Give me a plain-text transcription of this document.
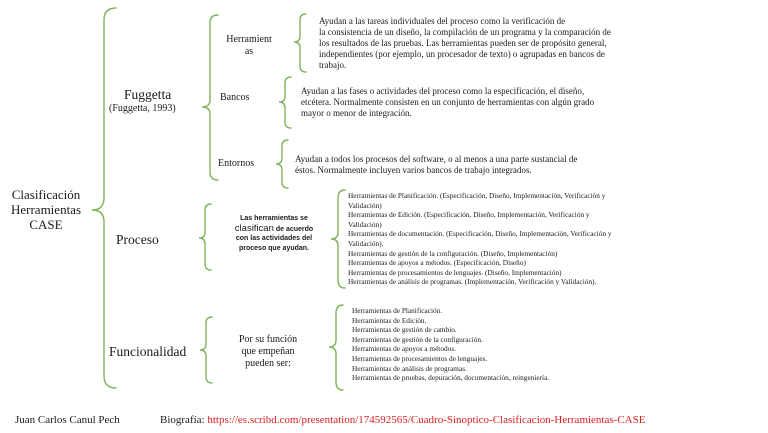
Clasificación
Herramientas
CASE
Fuggetta
(Fuggetta, 1993)
Herramient
as
Ayudan a las tareas individuales del proceso como la verificación de
la consistencia de un diseño, la compilación de un programa y la comparación de
los resultados de las pruebas. Las herramientas pueden ser de propósito general,
independientes (por ejemplo, un procesador de texto) o agrupadas en bancos de
trabajo.
Bancos
Ayudan a las fases o actividades del proceso como la especificación, el diseño,
etcétera. Normalmente consisten en un conjunto de herramientas con algún grado
mayor o menor de integración.
Entornos	Ayudan a todos los procesos del software, o al menos a una parte sustancial de
éstos. Normalmente incluyen varios bancos de trabajo integrados.
Proceso
Las herramientas se
clasifican de acuerdo
con las actividades del
proceso que ayudan.
Herramientas de Planificación. (Especificación, Diseño, Implementación, Verificación y
Validación)
Herramientas de Edición. (Especificación, Diseño, Implementación, Verificación y
Validación)
Herramientas de documentación. (Especificación, Diseño, Implementación, Verificación y
Validación).
Herramientas de gestión de la configuración. (Diseño, Implementación)
Herramientas de apoyos a métodos. (Especificación, Diseño)
Herramientas de procesamientos de lenguajes. (Diseño, Implementación)
Herramientas de análisis de programas. (Implementación, Verificación y Validación).
Funcionalidad
Por su función
que empeñan
pueden ser:
Herramientas de Planificación.
Herramientas de Edición.
Herramientas de gestión de cambio.
Herramientas de gestión de la configuración.
Herramientas de apoyos a métodos.
Herramientas de procesamientos de lenguajes.
Herramientas de análisis de programas.
Herramientas de pruebas, depuración, documentación, reingeniería.
Juan Carlos Canul Pech	Biografía: https://es.scribd.com/presentation/174592565/Cuadro-Sinoptico-Clasificacion-Herramientas-CASE
